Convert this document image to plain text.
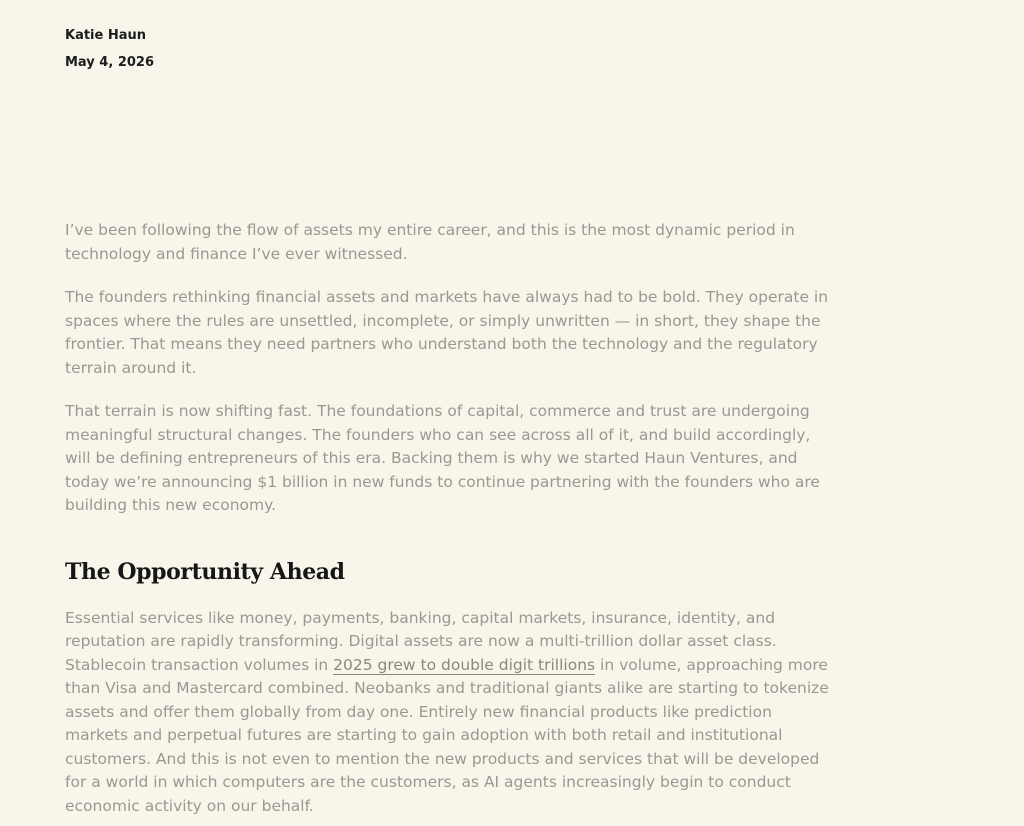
Katie Haun
May 4, 2026

I’ve been following the flow of assets my entire career, and this is the most dynamic period in technology and finance I’ve ever witnessed.

The founders rethinking financial assets and markets have always had to be bold. They operate in spaces where the rules are unsettled, incomplete, or simply unwritten — in short, they shape the frontier. That means they need partners who understand both the technology and the regulatory terrain around it.

That terrain is now shifting fast. The foundations of capital, commerce and trust are undergoing meaningful structural changes. The founders who can see across all of it, and build accordingly, will be defining entrepreneurs of this era. Backing them is why we started Haun Ventures, and today we’re announcing $1 billion in new funds to continue partnering with the founders who are building this new economy.

The Opportunity Ahead

Essential services like money, payments, banking, capital markets, insurance, identity, and reputation are rapidly transforming. Digital assets are now a multi-trillion dollar asset class. Stablecoin transaction volumes in 2025 grew to double digit trillions in volume, approaching more than Visa and Mastercard combined. Neobanks and traditional giants alike are starting to tokenize assets and offer them globally from day one. Entirely new financial products like prediction markets and perpetual futures are starting to gain adoption with both retail and institutional customers. And this is not even to mention the new products and services that will be developed for a world in which computers are the customers, as AI agents increasingly begin to conduct economic activity on our behalf.
